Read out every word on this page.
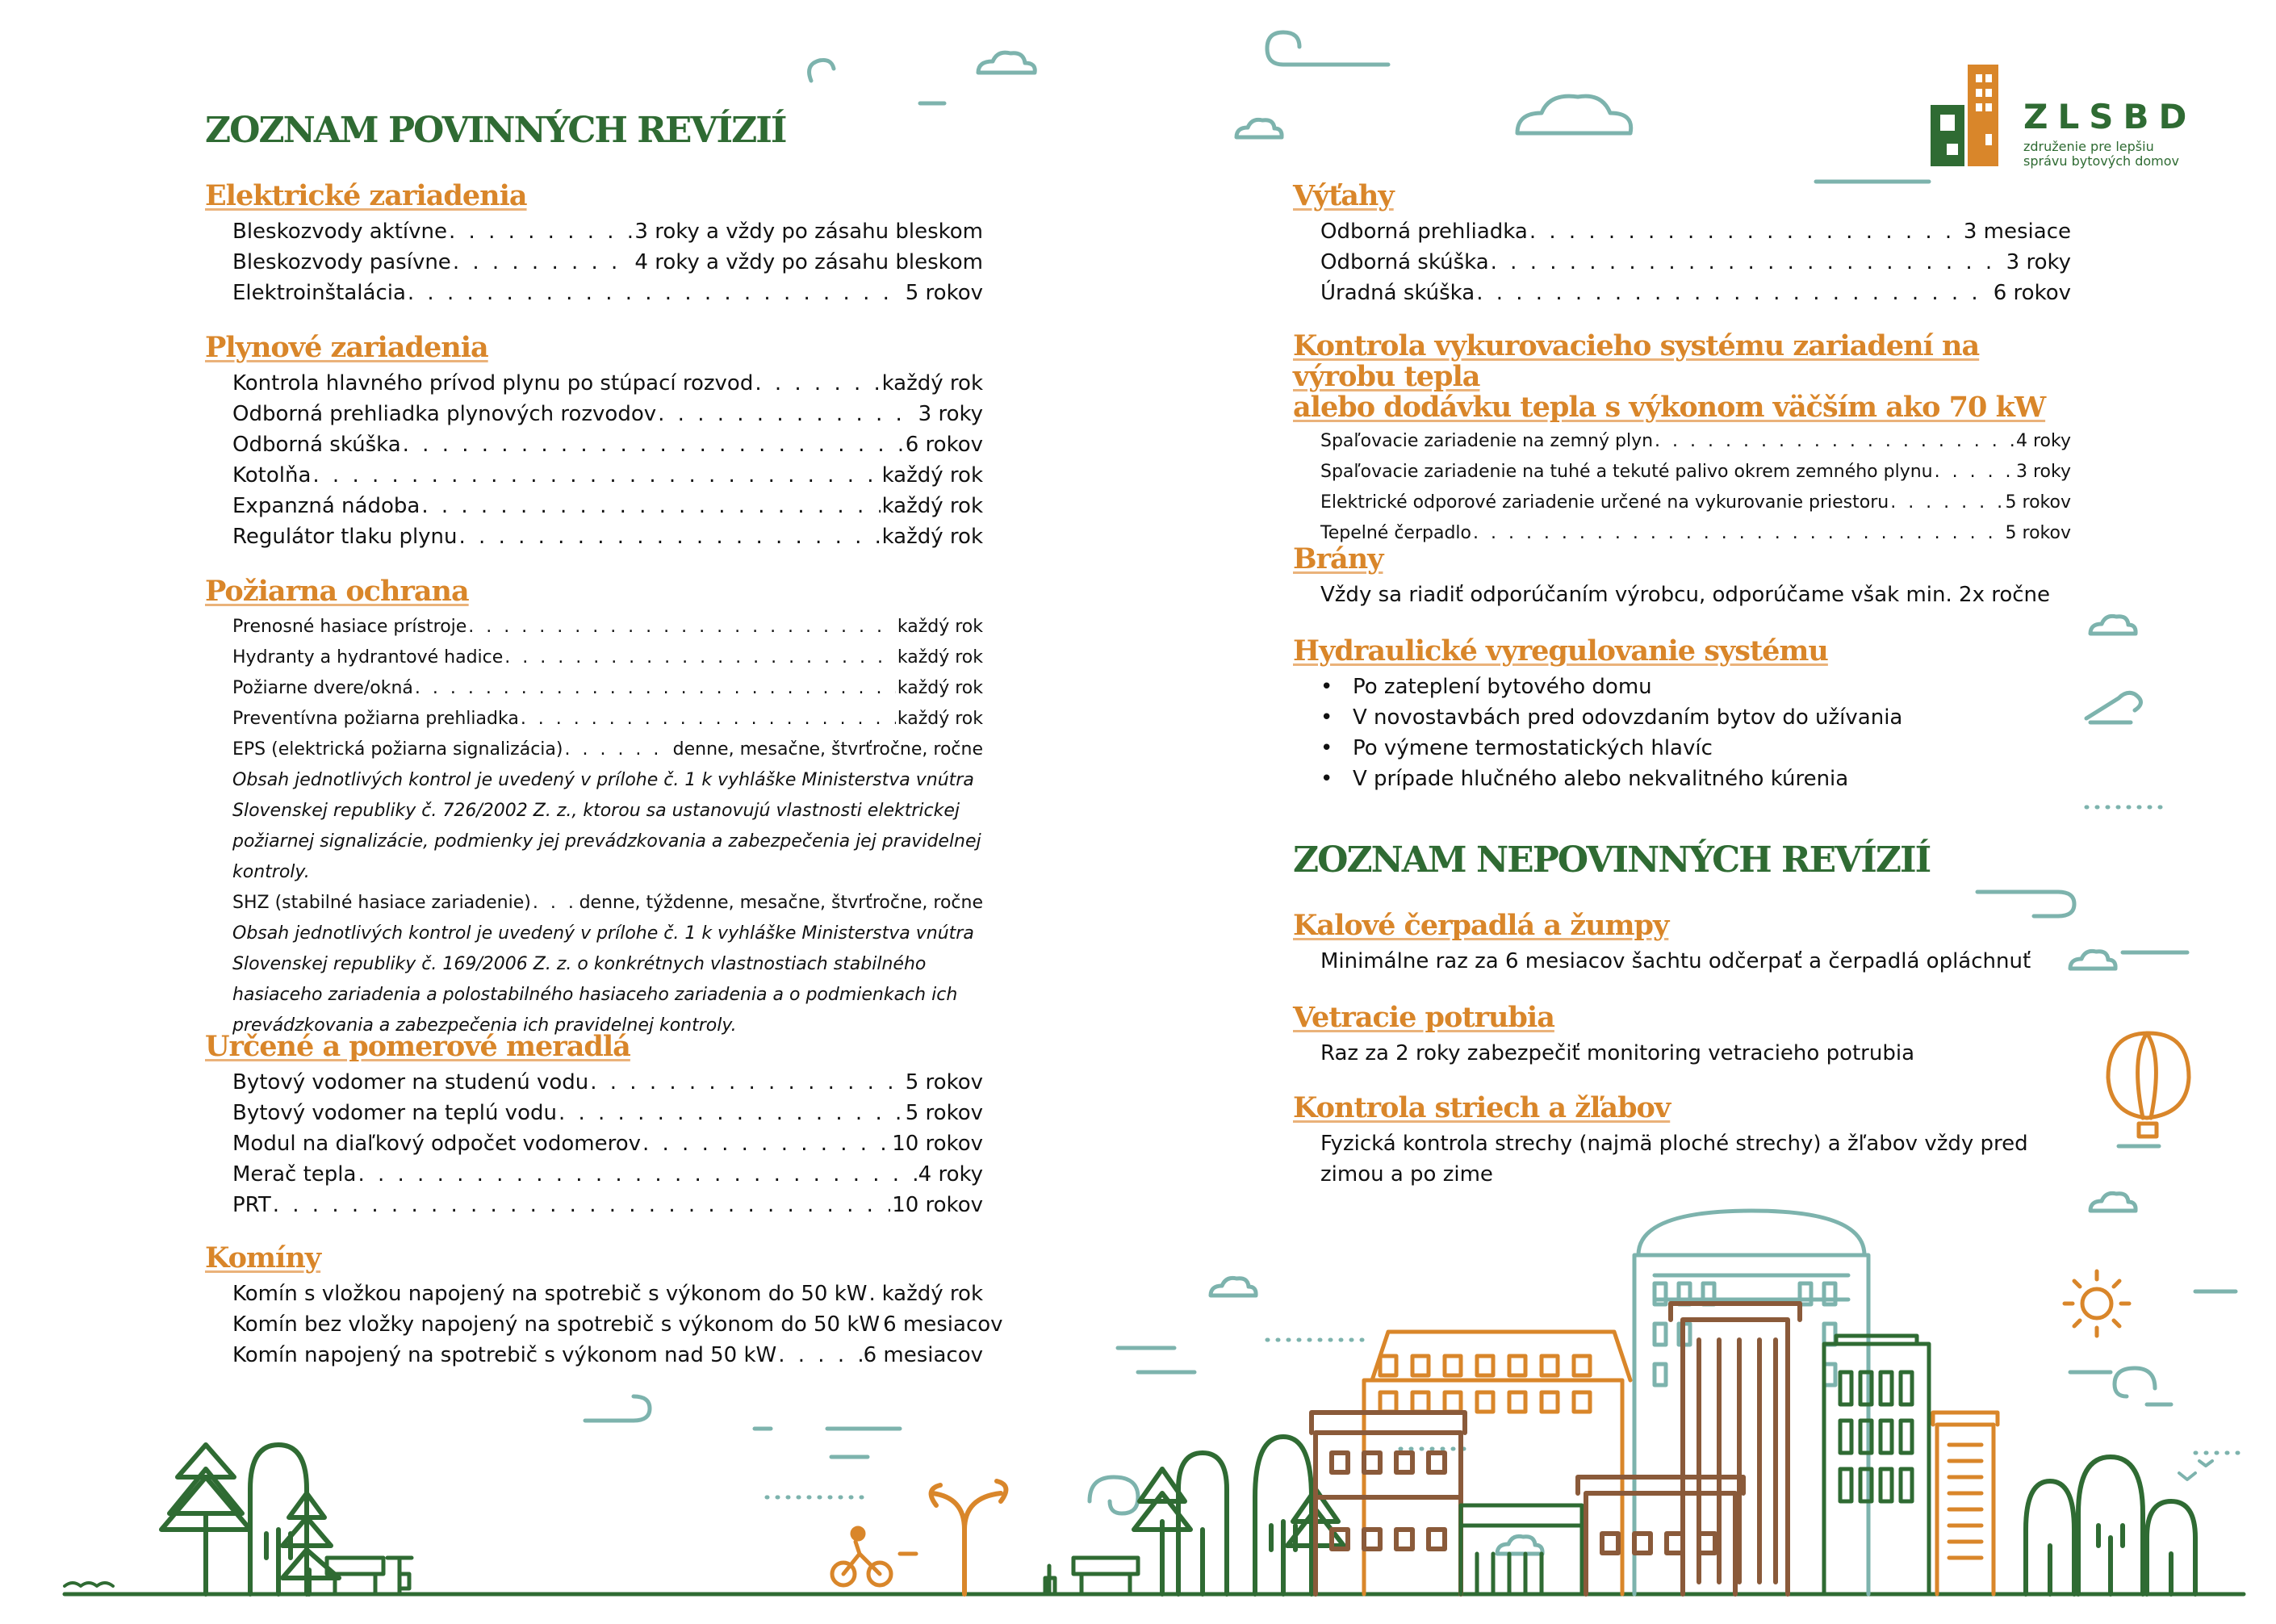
ZLSBD
združenie pre lepšiu
správu bytových domov
ZOZNAM POVINNÝCH REVÍZIÍ
Elektrické zariadenia
Bleskozvody aktívne . . .	3 roky a vždy po zásahu bleskom
Bleskozvody pasívne . . .	4 roky a vždy po zásahu bleskom
Elektroinštalácia . . .	5 rokov
Plynové zariadenia
Kontrola hlavného prívod plynu po stúpací rozvod . . .	každý rok
Odborná prehliadka plynových rozvodov . . .	3 roky
Odborná skúška . . .	6 rokov
Kotolňa . . .	každý rok
Expanzná nádoba . . .	každý rok
Regulátor tlaku plynu . . .	každý rok
Požiarna ochrana
Prenosné hasiace prístroje . . .	každý rok
Hydranty a hydrantové hadice . . .	každý rok
Požiarne dvere/okná . . .	každý rok
Preventívna požiarna prehliadka . . .	každý rok
EPS (elektrická požiarna signalizácia) . . .	denne, mesačne, štvrťročne, ročne
Obsah jednotlivých kontrol je uvedený v prílohe č. 1 k vyhláške Ministerstva vnútra Slovenskej republiky č. 726/2002 Z. z., ktorou sa ustanovujú vlastnosti elektrickej požiarnej signalizácie, podmienky jej prevádzkovania a zabezpečenia jej pravidelnej kontroly.
SHZ (stabilné hasiace zariadenie) . . .	denne, týždenne, mesačne, štvrťročne, ročne
Obsah jednotlivých kontrol je uvedený v prílohe č. 1 k vyhláške Ministerstva vnútra Slovenskej republiky č. 169/2006 Z. z. o konkrétnych vlastnostiach stabilného hasiaceho zariadenia a polostabilného hasiaceho zariadenia a o podmienkach ich prevádzkovania a zabezpečenia ich pravidelnej kontroly.
Určené a pomerové meradlá
Bytový vodomer na studenú vodu . . .	5 rokov
Bytový vodomer na teplú vodu . . .	5 rokov
Modul na diaľkový odpočet vodomerov . . .	10 rokov
Merač tepla . . .	4 roky
PRT . . .	10 rokov
Komíny
Komín s vložkou napojený na spotrebič s výkonom do 50 kW . . . každý rok
Komín bez vložky napojený na spotrebič s výkonom do 50 kW 6 mesiacov
Komín napojený na spotrebič s výkonom nad 50 kW . . .	6 mesiacov
Výťahy
Odborná prehliadka . . .	3 mesiace
Odborná skúška . . .	3 roky
Úradná skúška . . .	6 rokov
Kontrola vykurovacieho systému zariadení na výrobu tepla
alebo dodávku tepla s výkonom väčším ako 70 kW
Spaľovacie zariadenie na zemný plyn . . .	4 roky
Spaľovacie zariadenie na tuhé a tekuté palivo okrem zemného plynu . . .	3 roky
Elektrické odporové zariadenie určené na vykurovanie priestoru . . .	5 rokov
Tepelné čerpadlo . . .	5 rokov
Brány
Vždy sa riadiť odporúčaním výrobcu, odporúčame však min. 2x ročne
Hydraulické vyregulovanie systému
• Po zateplení bytového domu
• V novostavbách pred odovzdaním bytov do užívania
• Po výmene termostatických hlavíc
• V prípade hlučného alebo nekvalitného kúrenia
ZOZNAM NEPOVINNÝCH REVÍZIÍ
Kalové čerpadlá a žumpy
Minimálne raz za 6 mesiacov šachtu odčerpať a čerpadlá opláchnuť
Vetracie potrubia
Raz za 2 roky zabezpečiť monitoring vetracieho potrubia
Kontrola striech a žľabov
Fyzická kontrola strechy (najmä ploché strechy) a žľabov vždy pred
zimou a po zime
